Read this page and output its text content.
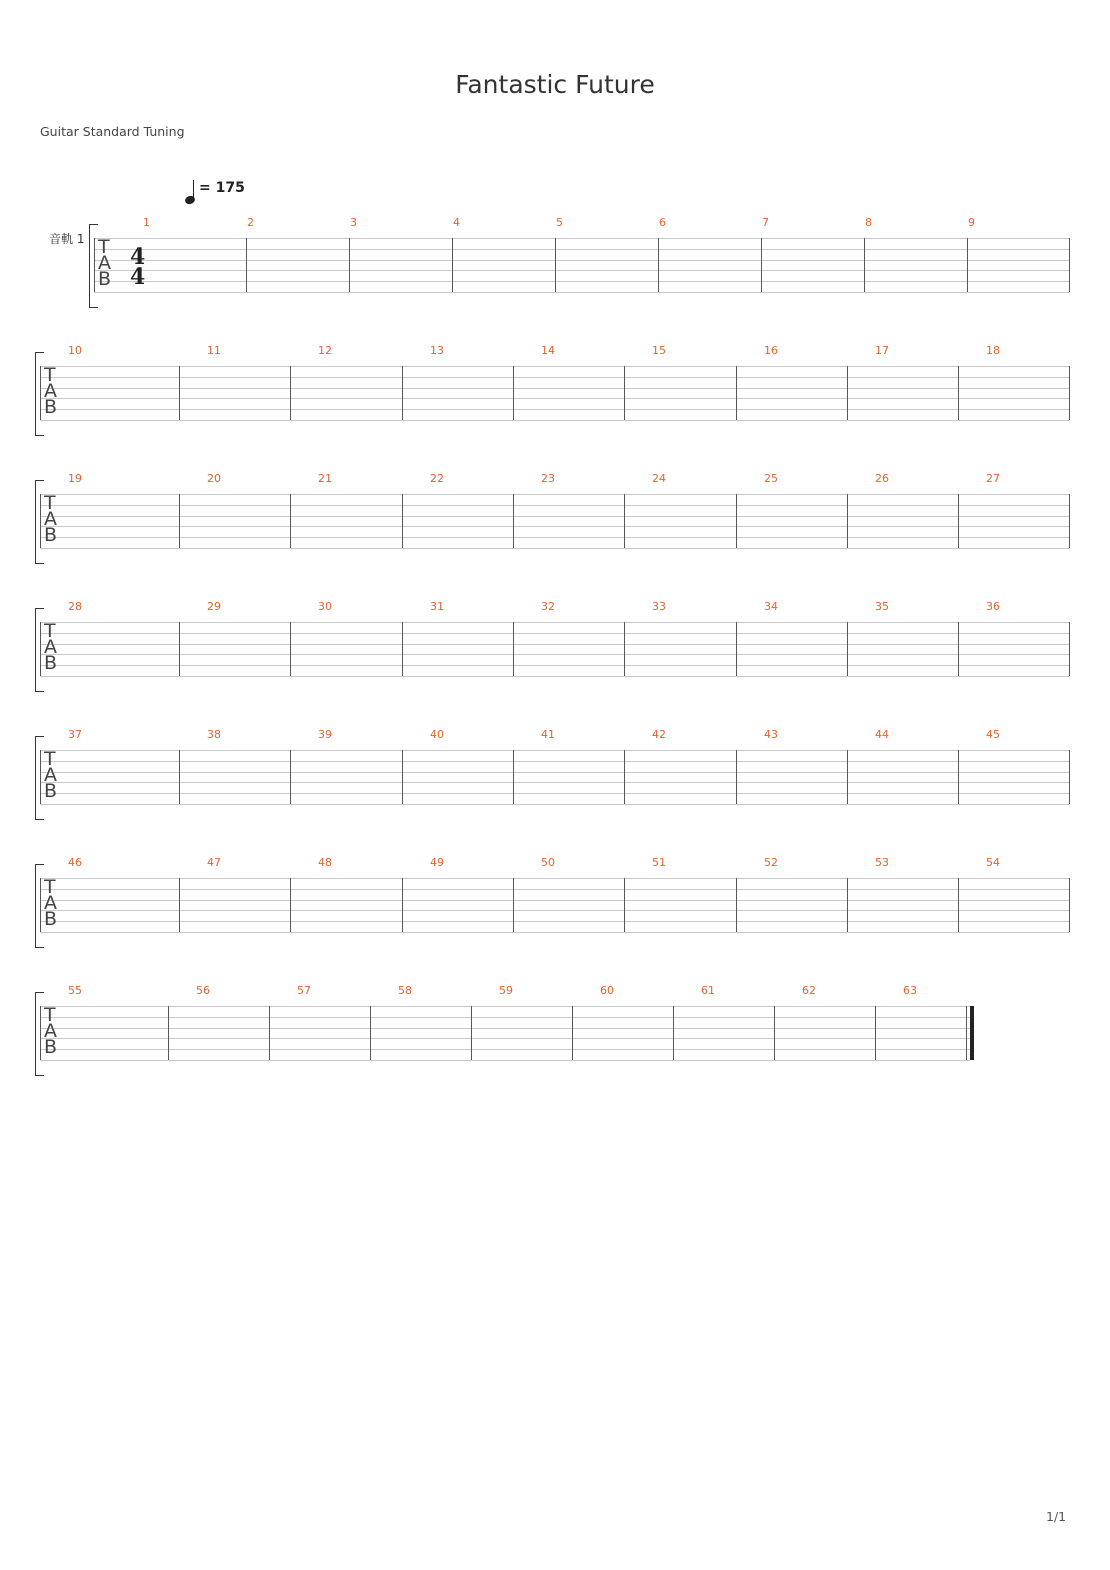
Fantastic Future
Guitar Standard Tuning
= 175
T
A
B
4
4
音軌 1
1	2	3	4	5	6	7	8	9
T
A
B
10	11	12	13	14	15	16	17	18
T
A
B
19	20	21	22	23	24	25	26	27
T
A
B
28	29	30	31	32	33	34	35	36
T
A
B
37	38	39	40	41	42	43	44	45
T
A
B
46	47	48	49	50	51	52	53	54
T
A
B
55	56	57	58	59	60	61	62	63
1/1
